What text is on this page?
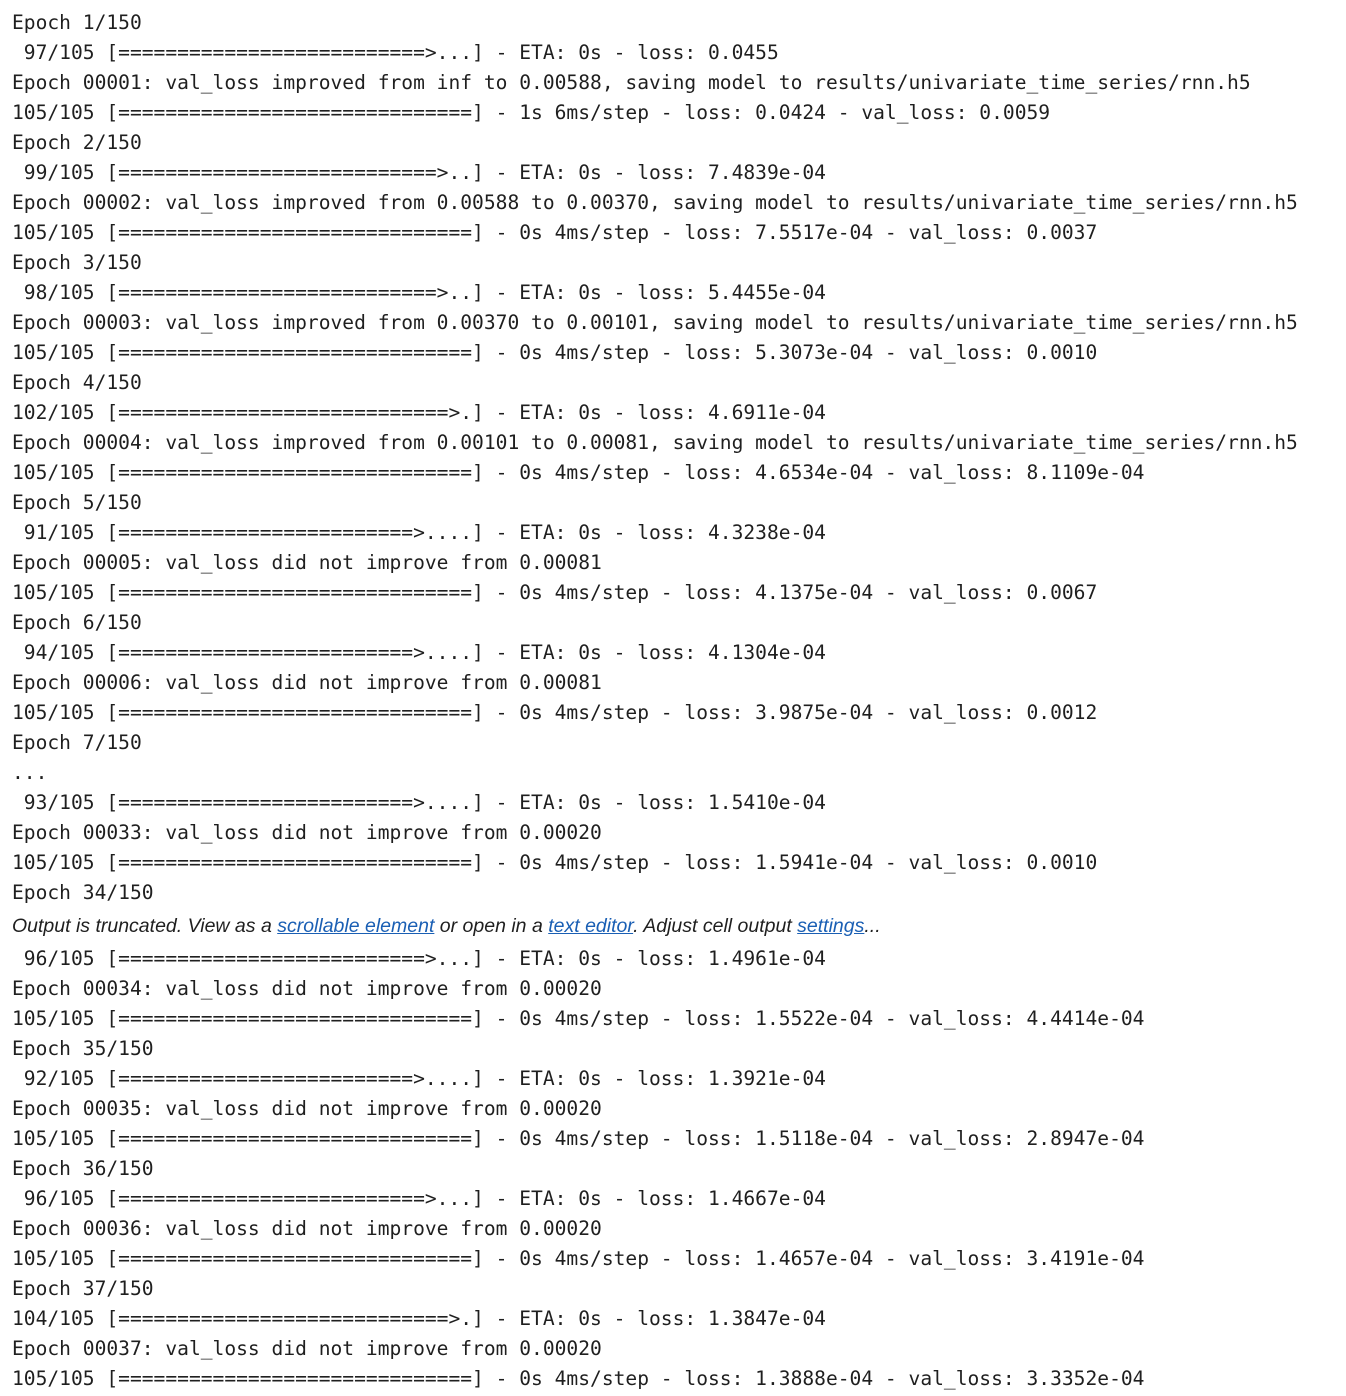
Epoch 1/150
97/105 [==========================>...] - ETA: 0s - loss: 0.0455
Epoch 00001: val_loss improved from inf to 0.00588, saving model to results/univariate_time_series/rnn.h5
105/105 [==============================] - 1s 6ms/step - loss: 0.0424 - val_loss: 0.0059
Epoch 2/150
99/105 [===========================>..] - ETA: 0s - loss: 7.4839e-04
Epoch 00002: val_loss improved from 0.00588 to 0.00370, saving model to results/univariate_time_series/rnn.h5
105/105 [==============================] - 0s 4ms/step - loss: 7.5517e-04 - val_loss: 0.0037
Epoch 3/150
98/105 [===========================>..] - ETA: 0s - loss: 5.4455e-04
Epoch 00003: val_loss improved from 0.00370 to 0.00101, saving model to results/univariate_time_series/rnn.h5
105/105 [==============================] - 0s 4ms/step - loss: 5.3073e-04 - val_loss: 0.0010
Epoch 4/150
102/105 [============================>.] - ETA: 0s - loss: 4.6911e-04
Epoch 00004: val_loss improved from 0.00101 to 0.00081, saving model to results/univariate_time_series/rnn.h5
105/105 [==============================] - 0s 4ms/step - loss: 4.6534e-04 - val_loss: 8.1109e-04
Epoch 5/150
91/105 [=========================>....] - ETA: 0s - loss: 4.3238e-04
Epoch 00005: val_loss did not improve from 0.00081
105/105 [==============================] - 0s 4ms/step - loss: 4.1375e-04 - val_loss: 0.0067
Epoch 6/150
94/105 [=========================>....] - ETA: 0s - loss: 4.1304e-04
Epoch 00006: val_loss did not improve from 0.00081
105/105 [==============================] - 0s 4ms/step - loss: 3.9875e-04 - val_loss: 0.0012
Epoch 7/150
...
93/105 [=========================>....] - ETA: 0s - loss: 1.5410e-04
Epoch 00033: val_loss did not improve from 0.00020
105/105 [==============================] - 0s 4ms/step - loss: 1.5941e-04 - val_loss: 0.0010
Epoch 34/150
Output is truncated. View as a scrollable element or open in a text editor. Adjust cell output settings...
96/105 [==========================>...] - ETA: 0s - loss: 1.4961e-04
Epoch 00034: val_loss did not improve from 0.00020
105/105 [==============================] - 0s 4ms/step - loss: 1.5522e-04 - val_loss: 4.4414e-04
Epoch 35/150
92/105 [=========================>....] - ETA: 0s - loss: 1.3921e-04
Epoch 00035: val_loss did not improve from 0.00020
105/105 [==============================] - 0s 4ms/step - loss: 1.5118e-04 - val_loss: 2.8947e-04
Epoch 36/150
96/105 [==========================>...] - ETA: 0s - loss: 1.4667e-04
Epoch 00036: val_loss did not improve from 0.00020
105/105 [==============================] - 0s 4ms/step - loss: 1.4657e-04 - val_loss: 3.4191e-04
Epoch 37/150
104/105 [============================>.] - ETA: 0s - loss: 1.3847e-04
Epoch 00037: val_loss did not improve from 0.00020
105/105 [==============================] - 0s 4ms/step - loss: 1.3888e-04 - val_loss: 3.3352e-04
